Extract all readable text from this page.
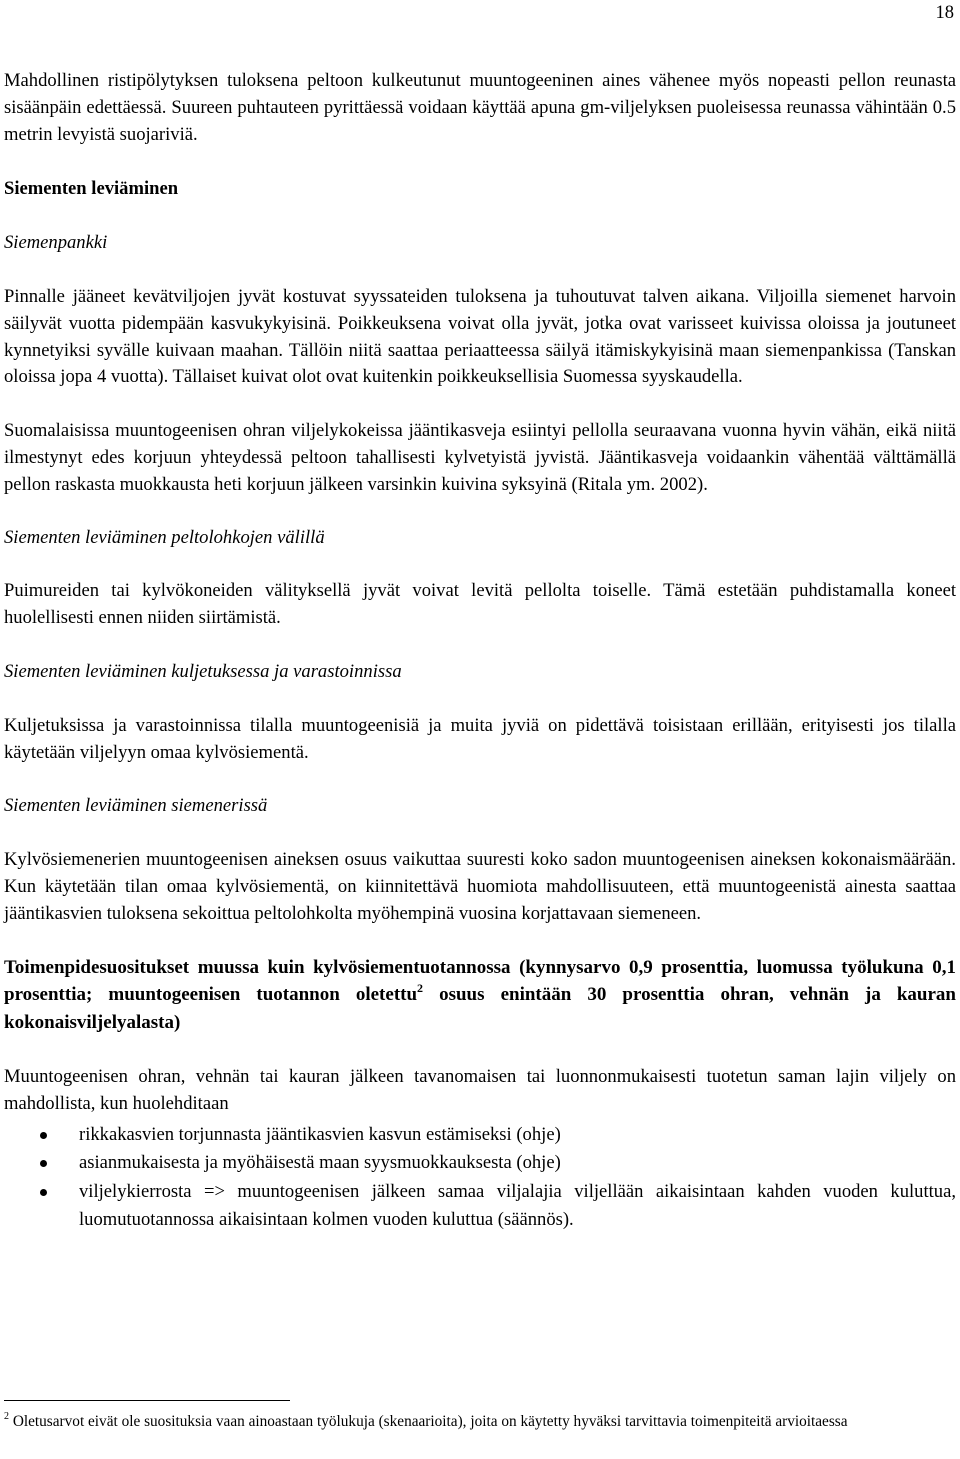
18

Mahdollinen ristipölytyksen tuloksena peltoon kulkeutunut muuntogeeninen aines vähenee myös nopeasti pellon reunasta sisäänpäin edettäessä. Suureen puhtauteen pyrittäessä voidaan käyttää apuna gm-viljelyksen puoleisessa reunassa vähintään 0.5 metrin levyistä suojariviä.

Siementen leviäminen

Siemenpankki

Pinnalle jääneet kevätviljojen jyvät kostuvat syyssateiden tuloksena ja tuhoutuvat talven aikana. Viljoilla siemenet harvoin säilyvät vuotta pidempään kasvukykyisinä. Poikkeuksena voivat olla jyvät, jotka ovat varisseet kuivissa oloissa ja joutuneet kynnetyiksi syvälle kuivaan maahan. Tällöin niitä saattaa periaatteessa säilyä itämiskykyisinä maan siemenpankissa (Tanskan oloissa jopa 4 vuotta). Tällaiset kuivat olot ovat kuitenkin poikkeuksellisia Suomessa syyskaudella.

Suomalaisissa muuntogeenisen ohran viljelykokeissa jääntikasveja esiintyi pellolla seuraavana vuonna hyvin vähän, eikä niitä ilmestynyt edes korjuun yhteydessä peltoon tahallisesti kylvetyistä jyvistä. Jääntikasveja voidaankin vähentää välttämällä pellon raskasta muokkausta heti korjuun jälkeen varsinkin kuivina syksyinä (Ritala ym. 2002).

Siementen leviäminen peltolohkojen välillä

Puimureiden tai kylvökoneiden välityksellä jyvät voivat levitä pellolta toiselle. Tämä estetään puhdistamalla koneet huolellisesti ennen niiden siirtämistä.

Siementen leviäminen kuljetuksessa ja varastoinnissa

Kuljetuksissa ja varastoinnissa tilalla muuntogeenisiä ja muita jyviä on pidettävä toisistaan erillään, erityisesti jos tilalla käytetään viljelyyn omaa kylvösiementä.

Siementen leviäminen siemenerissä

Kylvösiemenerien muuntogeenisen aineksen osuus vaikuttaa suuresti koko sadon muuntogeenisen aineksen kokonaismäärään. Kun käytetään tilan omaa kylvösiementä, on kiinnitettävä huomiota mahdollisuuteen, että muuntogeenistä ainesta saattaa jääntikasvien tuloksena sekoittua peltolohkolta myöhempinä vuosina korjattavaan siemeneen.

Toimenpidesuositukset muussa kuin kylvösiementuotannossa (kynnysarvo 0,9 prosenttia, luomussa työlukuna 0,1 prosenttia; muuntogeenisen tuotannon oletettu$^2$ osuus enintään 30 prosenttia ohran, vehnän ja kauran kokonaisviljelyalasta)

Muuntogeenisen ohran, vehnän tai kauran jälkeen tavanomaisen tai luonnonmukaisesti tuotetun saman lajin viljely on mahdollista, kun huolehditaan

rikkakasvien torjunnasta jääntikasvien kasvun estämiseksi (ohje)
asianmukaisesta ja myöhäisestä maan syysmuokkauksesta (ohje)
viljelykierrosta => muuntogeenisen jälkeen samaa viljalajia viljellään aikaisintaan kahden vuoden kuluttua, luomutuotannossa aikaisintaan kolmen vuoden kuluttua (säännös).
$^2$ Oletusarvot eivät ole suosituksia vaan ainoastaan työlukuja (skenaarioita), joita on käytetty hyväksi tarvittavia toimenpiteitä arvioitaessa
